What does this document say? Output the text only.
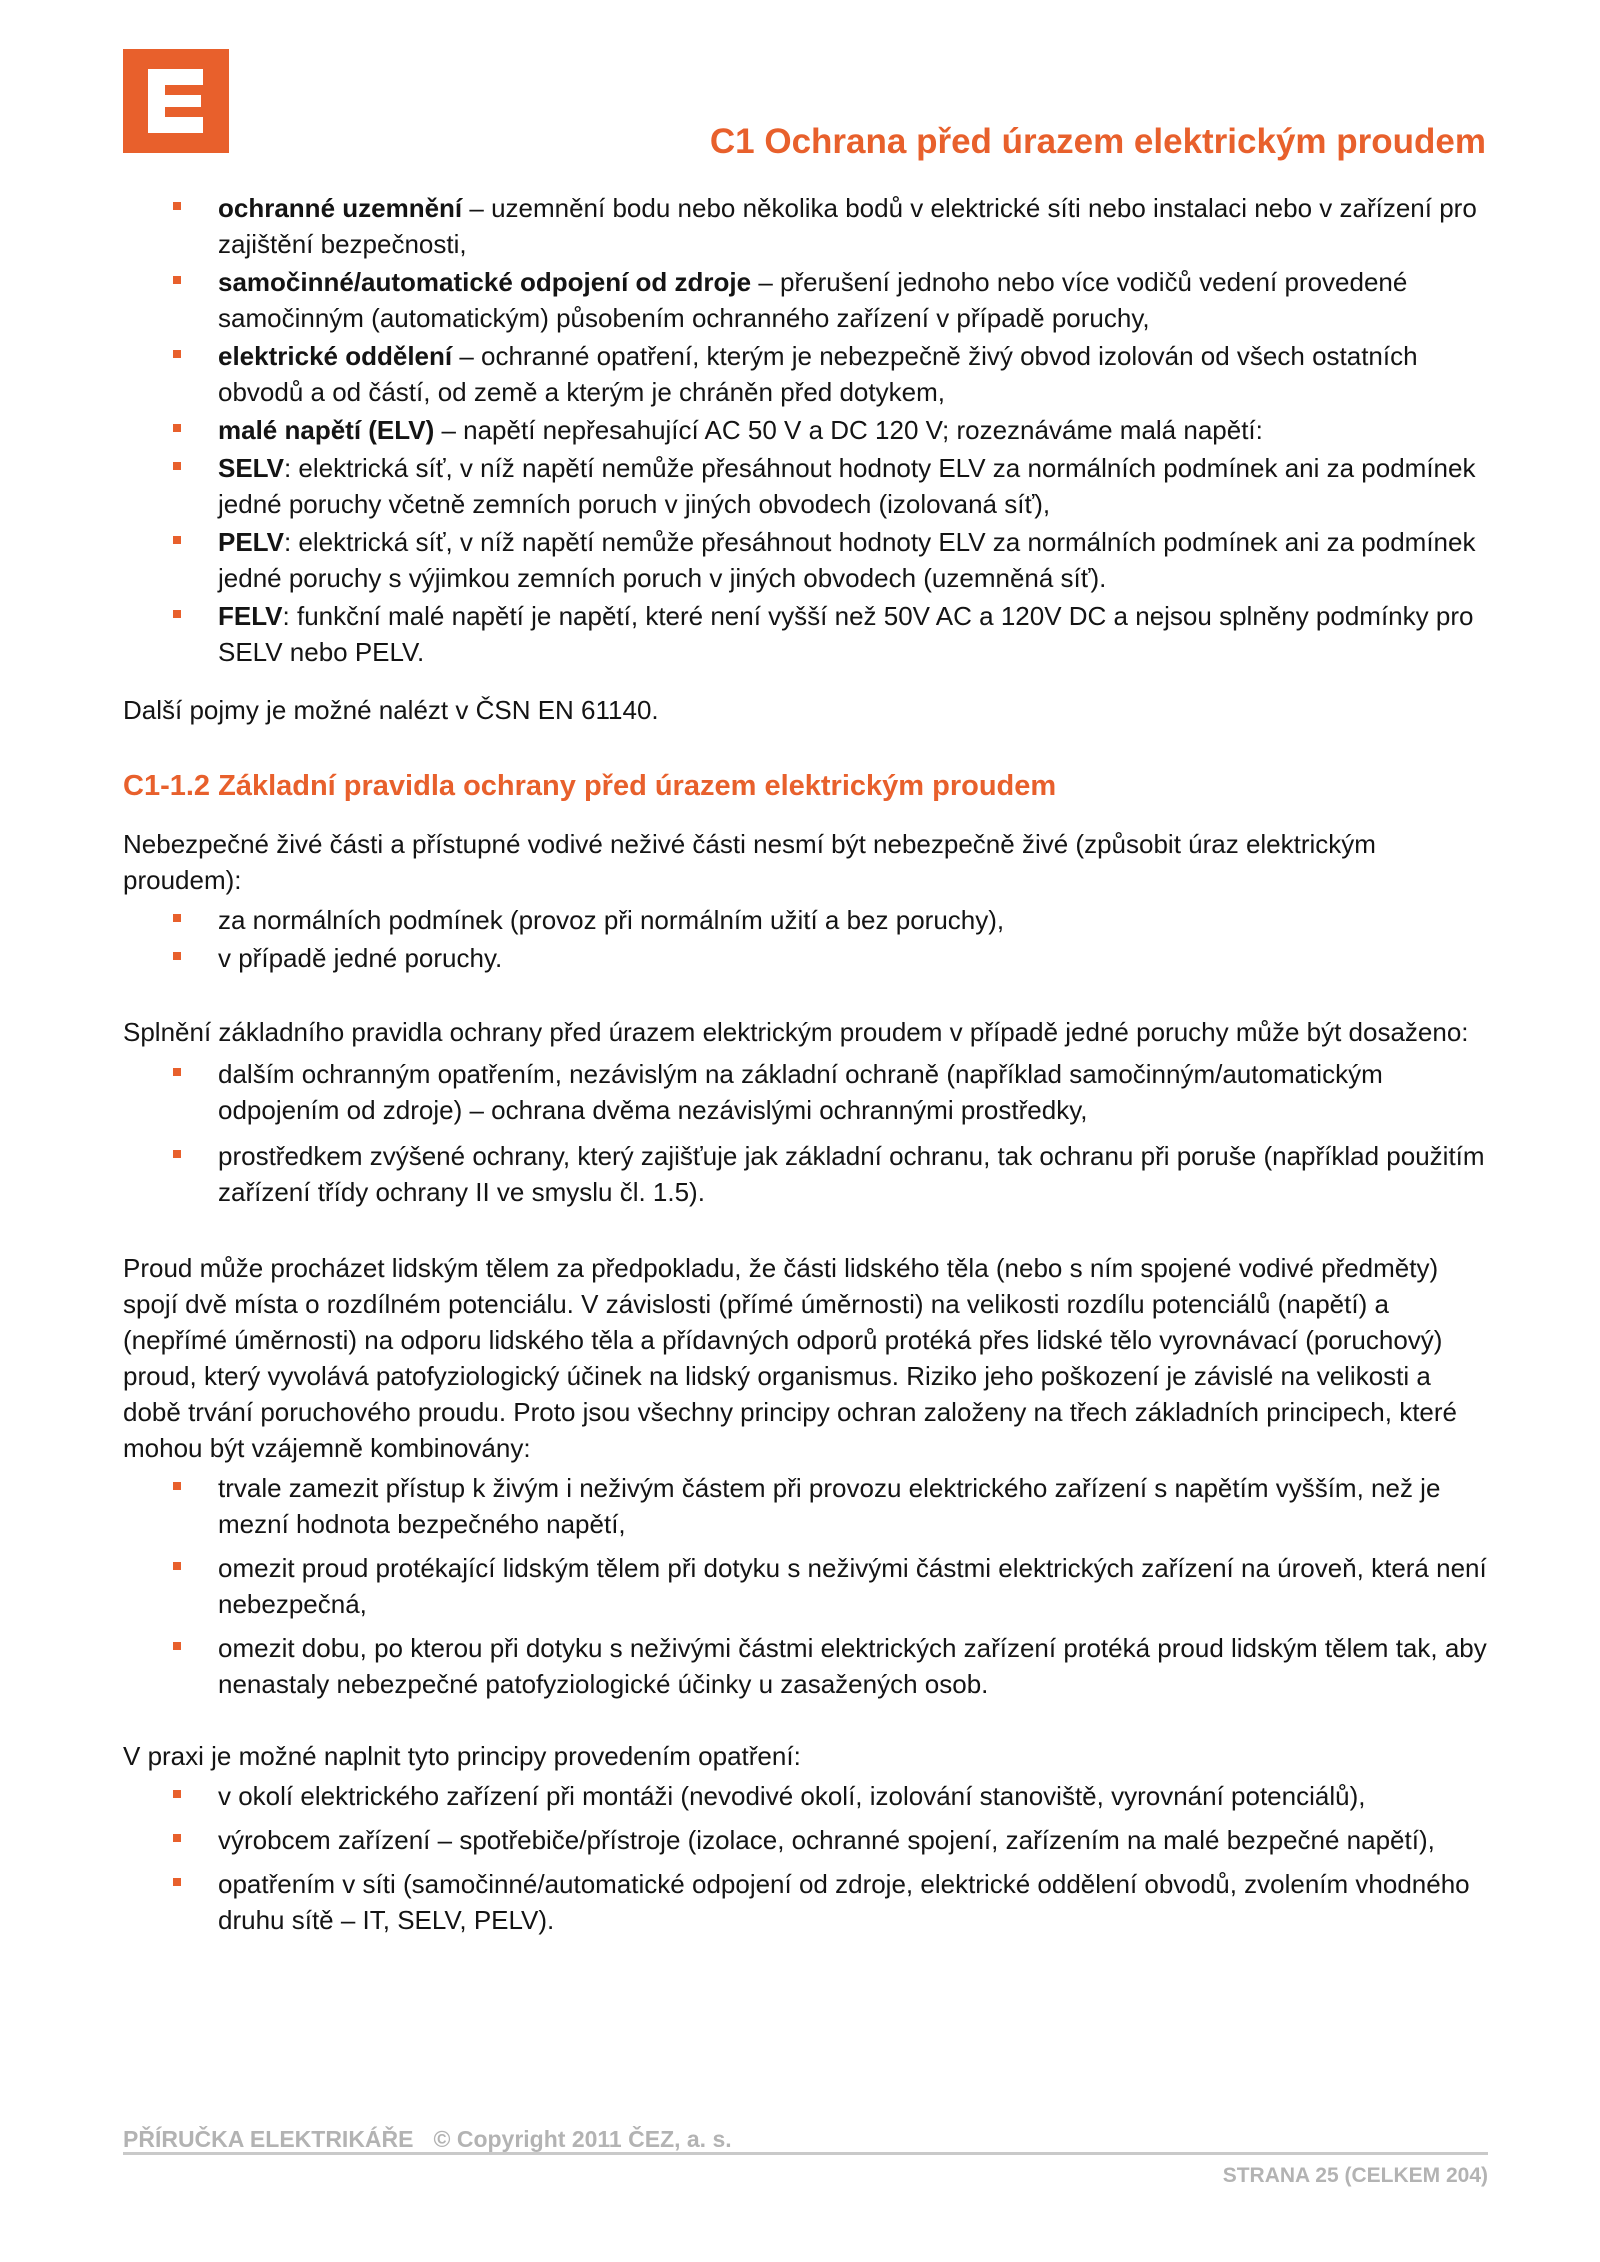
C1 Ochrana před úrazem elektrickým proudem
ochranné uzemnění – uzemnění bodu nebo několika bodů v elektrické síti nebo instalaci nebo v zařízení pro zajištění bezpečnosti,
samočinné/automatické odpojení od zdroje – přerušení jednoho nebo více vodičů vedení provedené samočinným (automatickým) působením ochranného zařízení v případě poruchy,
elektrické oddělení – ochranné opatření, kterým je nebezpečně živý obvod izolován od všech ostatních obvodů a od částí, od země a kterým je chráněn před dotykem,
malé napětí (ELV) – napětí nepřesahující AC 50 V a DC 120 V; rozeznáváme malá napětí:
SELV: elektrická síť, v níž napětí nemůže přesáhnout hodnoty ELV za normálních podmínek ani za podmínek jedné poruchy včetně zemních poruch v jiných obvodech (izolovaná síť),
PELV: elektrická síť, v níž napětí nemůže přesáhnout hodnoty ELV za normálních podmínek ani za podmínek jedné poruchy s výjimkou zemních poruch v jiných obvodech (uzemněná síť).
FELV: funkční malé napětí je napětí, které není vyšší než 50V AC a 120V DC a nejsou splněny podmínky pro SELV nebo PELV.

Další pojmy je možné nalézt v ČSN EN 61140.

C1-1.2 Základní pravidla ochrany před úrazem elektrickým proudem

Nebezpečné živé části a přístupné vodivé neživé části nesmí být nebezpečně živé (způsobit úraz elektrickým proudem):

za normálních podmínek (provoz při normálním užití a bez poruchy),
v případě jedné poruchy.

Splnění základního pravidla ochrany před úrazem elektrickým proudem v případě jedné poruchy může být dosaženo:

dalším ochranným opatřením, nezávislým na základní ochraně (například samočinným/automatickým odpojením od zdroje) – ochrana dvěma nezávislými ochrannými prostředky,
prostředkem zvýšené ochrany, který zajišťuje jak základní ochranu, tak ochranu při poruše (například použitím zařízení třídy ochrany II ve smyslu čl. 1.5).

Proud může procházet lidským tělem za předpokladu, že části lidského těla (nebo s ním spojené vodivé předměty) spojí dvě místa o rozdílném potenciálu. V závislosti (přímé úměrnosti) na velikosti rozdílu potenciálů (napětí) a (nepřímé úměrnosti) na odporu lidského těla a přídavných odporů protéká přes lidské tělo vyrovnávací (poruchový) proud, který vyvolává patofyziologický účinek na lidský organismus. Riziko jeho poškození je závislé na velikosti a době trvání poruchového proudu. Proto jsou všechny principy ochran založeny na třech základních principech, které mohou být vzájemně kombinovány:

trvale zamezit přístup k živým i neživým částem při provozu elektrického zařízení s napětím vyšším, než je mezní hodnota bezpečného napětí,
omezit proud protékající lidským tělem při dotyku s neživými částmi elektrických zařízení na úroveň, která není nebezpečná,
omezit dobu, po kterou při dotyku s neživými částmi elektrických zařízení protéká proud lidským tělem tak, aby nenastaly nebezpečné patofyziologické účinky u zasažených osob.

V praxi je možné naplnit tyto principy provedením opatření:

v okolí elektrického zařízení při montáži (nevodivé okolí, izolování stanoviště, vyrovnání potenciálů),
výrobcem zařízení – spotřebiče/přístroje (izolace, ochranné spojení, zařízením na malé bezpečné napětí),
opatřením v síti (samočinné/automatické odpojení od zdroje, elektrické oddělení obvodů, zvolením vhodného druhu sítě – IT, SELV, PELV).
PŘÍRUČKA ELEKTRIKÁŘE © Copyright 2011 ČEZ, a. s.
STRANA 25 (CELKEM 204)
